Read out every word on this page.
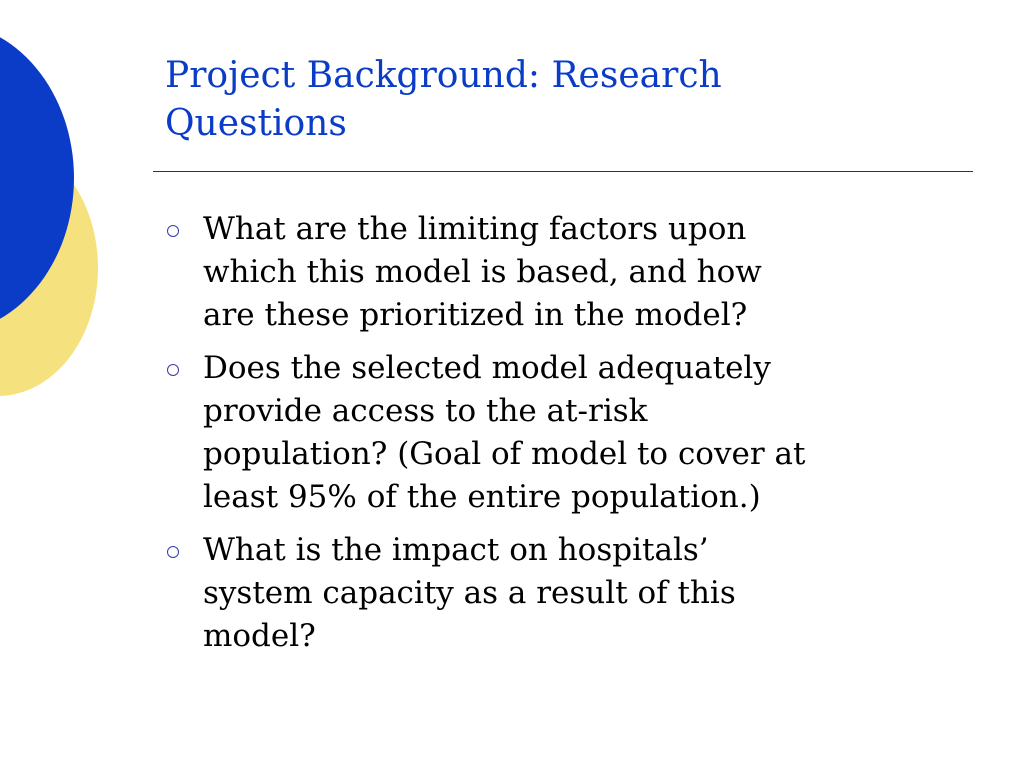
Project Background: Research
Questions
What are the limiting factors upon
which this model is based, and how
are these prioritized in the model?
Does the selected model adequately
provide access to the at-risk
population? (Goal of model to cover at
least 95% of the entire population.)
What is the impact on hospitals’
system capacity as a result of this
model?
